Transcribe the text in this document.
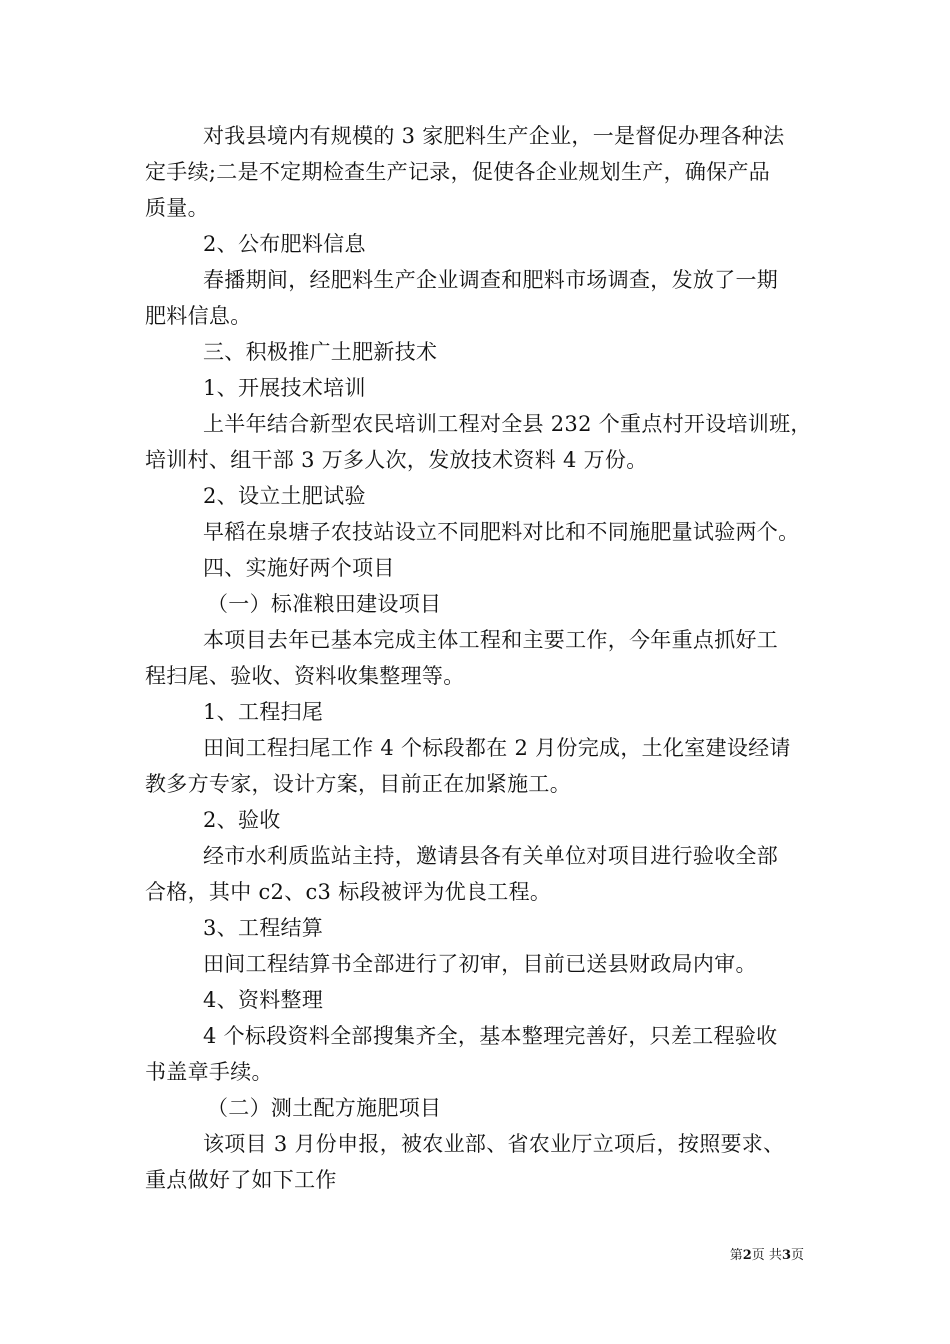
对我县境内有规模的 3 家肥料生产企业，一是督促办理各种法
定手续;二是不定期检查生产记录，促使各企业规划生产，确保产品
质量。
2、公布肥料信息
春播期间，经肥料生产企业调查和肥料市场调查，发放了一期
肥料信息。
三、积极推广土肥新技术
1、开展技术培训
上半年结合新型农民培训工程对全县 232 个重点村开设培训班，
培训村、组干部 3 万多人次，发放技术资料 4 万份。
2、设立土肥试验
早稻在泉塘子农技站设立不同肥料对比和不同施肥量试验两个。
四、实施好两个项目
（一）标准粮田建设项目
本项目去年已基本完成主体工程和主要工作，今年重点抓好工
程扫尾、验收、资料收集整理等。
1、工程扫尾
田间工程扫尾工作 4 个标段都在 2 月份完成，土化室建设经请
教多方专家，设计方案，目前正在加紧施工。
2、验收
经市水利质监站主持，邀请县各有关单位对项目进行验收全部
合格，其中 c2、c3 标段被评为优良工程。
3、工程结算
田间工程结算书全部进行了初审，目前已送县财政局内审。
4、资料整理
4 个标段资料全部搜集齐全，基本整理完善好，只差工程验收
书盖章手续。
（二）测土配方施肥项目
该项目 3 月份申报，被农业部、省农业厅立项后，按照要求、
重点做好了如下工作
第2页 共3页
